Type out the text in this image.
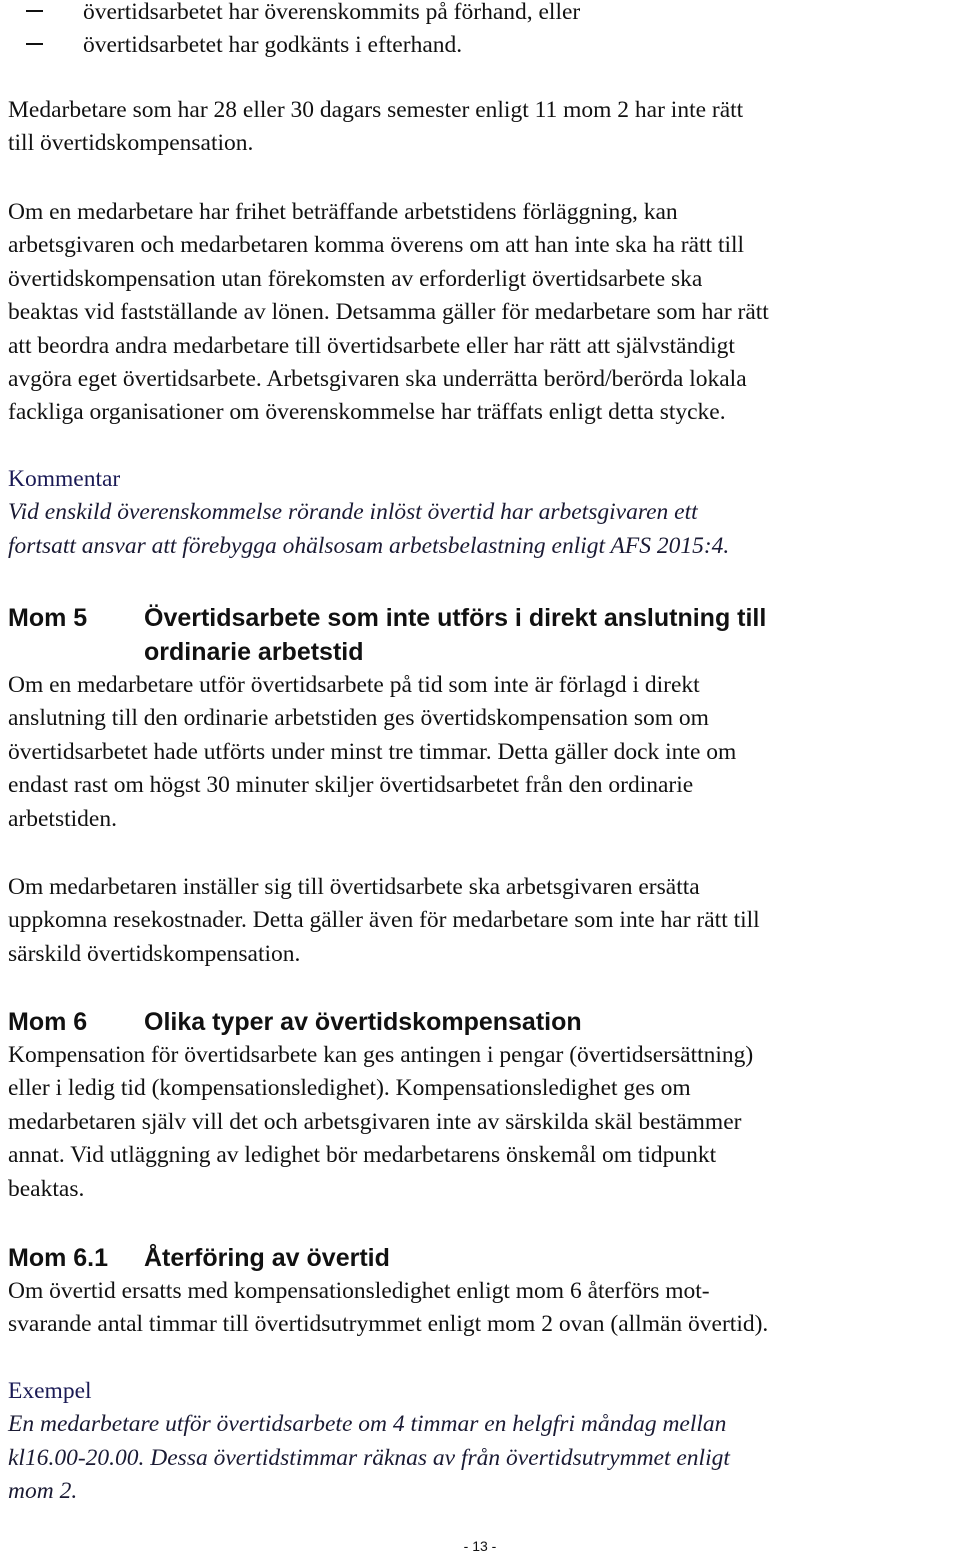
övertidsarbetet har överenskommits på förhand, eller
övertidsarbetet har godkänts i efterhand.
Medarbetare som har 28 eller 30 dagars semester enligt 11 mom 2 har inte rätt
till övertidskompensation.
Om en medarbetare har frihet beträffande arbetstidens förläggning, kan
arbetsgivaren och medarbetaren komma överens om att han inte ska ha rätt till
övertidskompensation utan förekomsten av erforderligt övertidsarbete ska
beaktas vid fastställande av lönen. Detsamma gäller för medarbetare som har rätt
att beordra andra medarbetare till övertidsarbete eller har rätt att självständigt
avgöra eget övertidsarbete. Arbetsgivaren ska underrätta berörd/berörda lokala
fackliga organisationer om överenskommelse har träffats enligt detta stycke.
Kommentar
Vid enskild överenskommelse rörande inlöst övertid har arbetsgivaren ett
fortsatt ansvar att förebygga ohälsosam arbetsbelastning enligt AFS 2015:4.
Mom 5	Övertidsarbete som inte utförs i direkt anslutning till
ordinarie arbetstid
Om en medarbetare utför övertidsarbete på tid som inte är förlagd i direkt
anslutning till den ordinarie arbetstiden ges övertidskompensation som om
övertidsarbetet hade utförts under minst tre timmar. Detta gäller dock inte om
endast rast om högst 30 minuter skiljer övertidsarbetet från den ordinarie
arbetstiden.
Om medarbetaren inställer sig till övertidsarbete ska arbetsgivaren ersätta
uppkomna resekostnader. Detta gäller även för medarbetare som inte har rätt till
särskild övertidskompensation.
Mom 6	Olika typer av övertidskompensation
Kompensation för övertidsarbete kan ges antingen i pengar (övertidsersättning)
eller i ledig tid (kompensationsledighet). Kompensationsledighet ges om
medarbetaren själv vill det och arbetsgivaren inte av särskilda skäl bestämmer
annat. Vid utläggning av ledighet bör medarbetarens önskemål om tidpunkt
beaktas.
Mom 6.1	Återföring av övertid
Om övertid ersatts med kompensationsledighet enligt mom 6 återförs mot-
svarande antal timmar till övertidsutrymmet enligt mom 2 ovan (allmän övertid).
Exempel
En medarbetare utför övertidsarbete om 4 timmar en helgfri måndag mellan
kl16.00-20.00. Dessa övertidstimmar räknas av från övertidsutrymmet enligt
mom 2.
- 13 -
